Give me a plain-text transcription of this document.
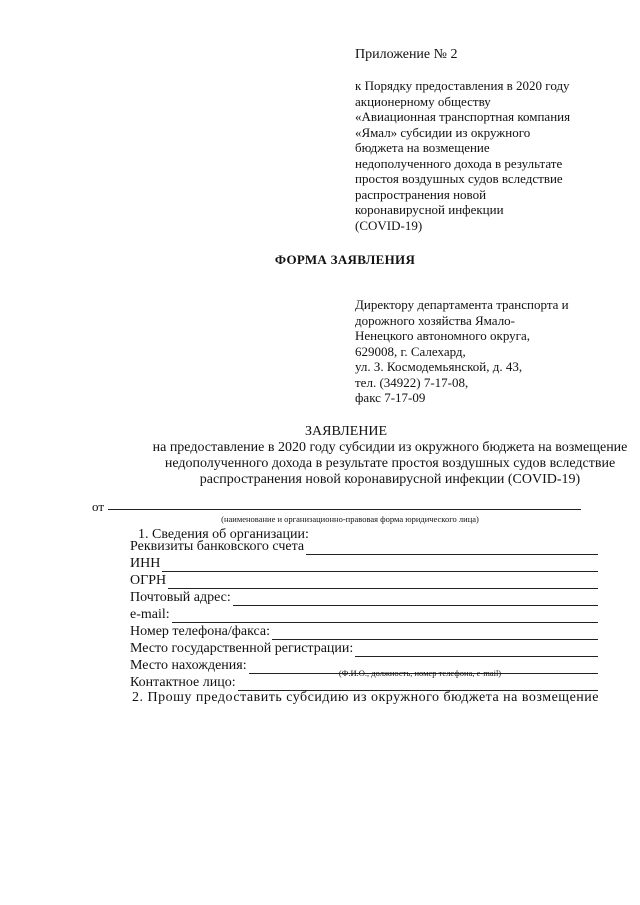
Приложение № 2
к Порядку предоставления в 2020 году
акционерному обществу
«Авиационная транспортная компания
«Ямал» субсидии из окружного
бюджета на возмещение
недополученного дохода в результате
простоя воздушных судов вследствие
распространения новой
коронавирусной инфекции
(COVID-19)
ФОРМА ЗАЯВЛЕНИЯ
Директору департамента транспорта и
дорожного хозяйства Ямало-
Ненецкого автономного округа,
629008, г. Салехард,
ул. З. Космодемьянской, д. 43,
тел. (34922) 7-17-08,
факс 7-17-09
ЗАЯВЛЕНИЕ
на предоставление в 2020 году субсидии из окружного бюджета на возмещение
недополученного дохода в результате простоя воздушных судов вследствие
распространения новой коронавирусной инфекции (COVID-19)
от
(наименование и организационно-правовая форма юридического лица)
1. Сведения об организации:
Реквизиты банковского счета
ИНН
ОГРН
Почтовый адрес:
e-mail:
Номер телефона/факса:
Место государственной регистрации:
Место нахождения:
Контактное лицо:
(Ф.И.О., должность, номер телефона, e-mail)
2. Прошу предоставить субсидию из окружного бюджета на возмещение
